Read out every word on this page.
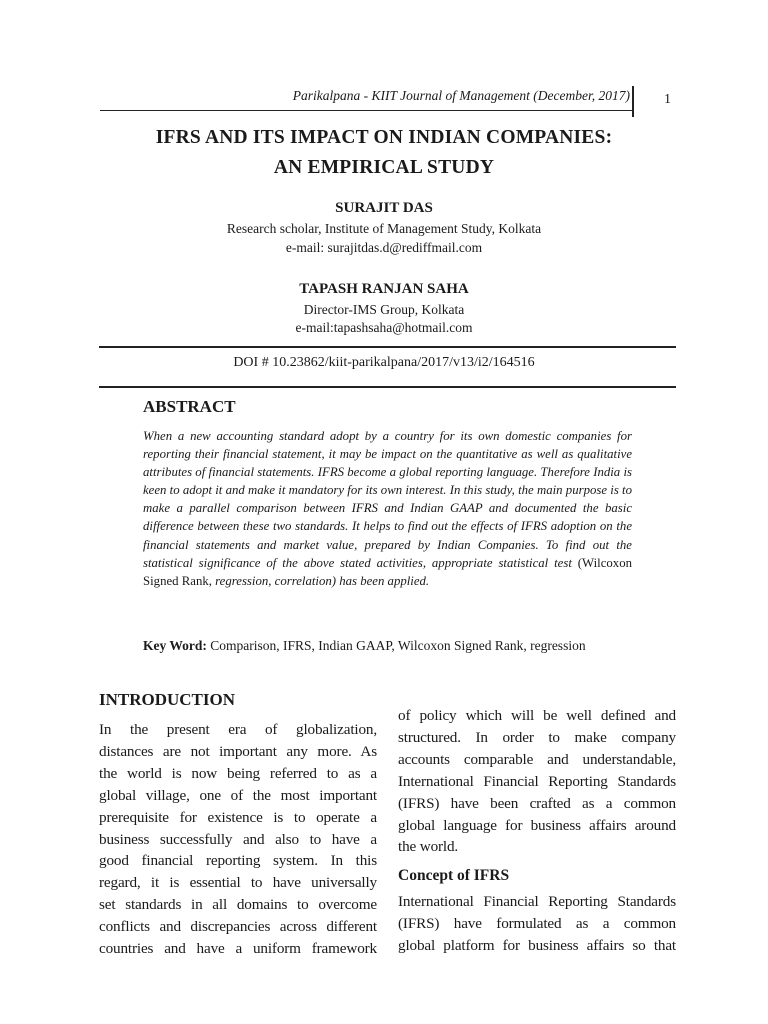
Parikalpana - KIIT Journal of Management (December, 2017) 1
IFRS AND ITS IMPACT ON INDIAN COMPANIES:
AN EMPIRICAL STUDY
SURAJIT DAS
Research scholar, Institute of Management Study, Kolkata
e-mail: surajitdas.d@rediffmail.com
TAPASH RANJAN SAHA
Director-IMS Group, Kolkata
e-mail:tapashsaha@hotmail.com
DOI # 10.23862/kiit-parikalpana/2017/v13/i2/164516
ABSTRACT
When a new accounting standard adopt by a country for its own domestic companies for reporting their financial statement, it may be impact on the quantitative as well as qualitative attributes of financial statements. IFRS become a global reporting language. Therefore India is keen to adopt it and make it mandatory for its own interest. In this study, the main purpose is to make a parallel comparison between IFRS and Indian GAAP and documented the basic difference between these two standards. It helps to find out the effects of IFRS adoption on the financial statements and market value, prepared by Indian Companies. To find out the statistical significance of the above stated activities, appropriate statistical test (Wilcoxon Signed Rank, regression, correlation) has been applied.
Key Word: Comparison, IFRS, Indian GAAP, Wilcoxon Signed Rank, regression
INTRODUCTION
In the present era of globalization,
distances are not important any more. As
the world is now being referred to as a
global village, one of the most important
prerequisite for existence is to operate a
business successfully and also to have a
good financial reporting system. In this
regard, it is essential to have universally
set standards in all domains to overcome
conflicts and discrepancies across different
countries and have a uniform framework
of policy which will be well defined and
structured. In order to make company
accounts comparable and understandable,
International Financial Reporting Standards
(IFRS) have been crafted as a common
global language for business affairs around
the world.
Concept of IFRS
International Financial Reporting Standards
(IFRS) have formulated as a common
global platform for business affairs so that
